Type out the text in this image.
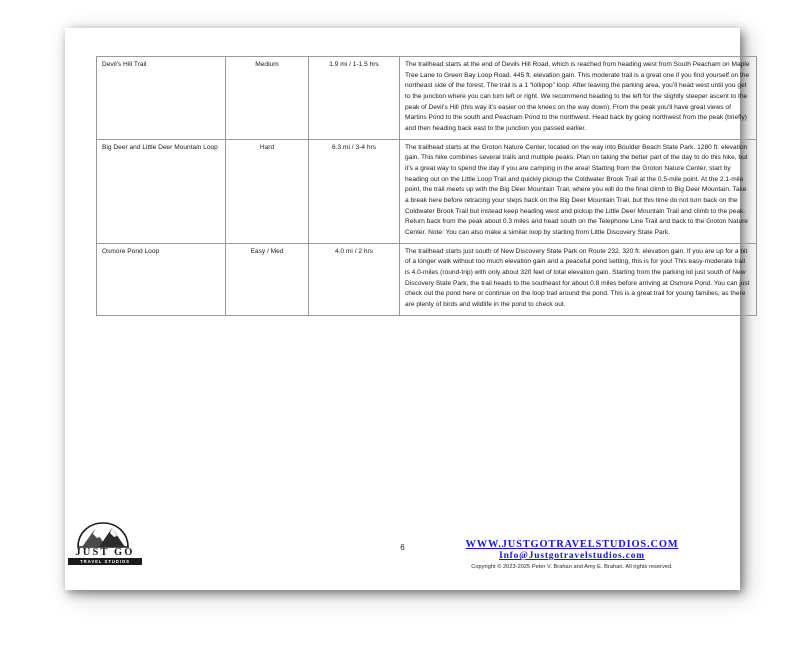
Devil's Hill Trail	Medium	1.9 mi / 1-1.5 hrs	The trailhead starts at the end of Devils Hill Road, which is reached from heading west from South Peacham on Maple Tree Lane to Green Bay Loop Road. 445 ft. elevation gain. This moderate trail is a great one if you find yourself on the northeast side of the forest. The trail is a 1 “lollipop” loop. After leaving the parking area, you’ll head west until you get to the junction where you can turn left or right. We recommend heading to the left for the slightly steeper ascent to the peak of Devil’s Hill (this way it’s easier on the knees on the way down). From the peak you’ll have great views of Martins Pond to the south and Peacham Pond to the northwest. Head back by going northwest from the peak (briefly) and then heading back east to the junction you passed earlier.
Big Deer and Little Deer Mountain Loop	Hard	6.3 mi / 3-4 hrs	The trailhead starts at the Groton Nature Center, located on the way into Boulder Beach State Park. 1280 ft. elevation gain. This hike combines several trails and multiple peaks. Plan on taking the better part of the day to do this hike, but it’s a great way to spend the day if you are camping in the area! Starting from the Groton Nature Center, start by heading out on the Little Loop Trail and quickly pickup the Coldwater Brook Trail at the 0.5-mile point. At the 2.1-mile point, the trail meets up with the Big Deer Mountain Trail, where you will do the final climb to Big Deer Mountain. Take a break here before retracing your steps back on the Big Deer Mountain Trail, but this time do not turn back on the Coldwater Brook Trail but instead keep heading west and pickup the Little Deer Mountain Trail and climb to the peak. Return back from the peak about 0.3 miles and head south on the Telephone Line Trail and back to the Groton Nature Center. Note: You can also make a similar loop by starting from Little Discovery State Park.
Osmore Pond Loop	Easy / Med	4.0 mi / 2 hrs	The trailhead starts just south of New Discovery State Park on Route 232. 320 ft. elevation gain. If you are up for a bit of a longer walk without too much elevation gain and a peaceful pond setting, this is for you! This easy-moderate trail is 4.0-miles (round-trip) with only about 320 feet of total elevation gain. Starting from the parking lot just south of New Discovery State Park, the trail heads to the southeast for about 0.8 miles before arriving at Osmore Pond. You can just check out the pond here or continue on the loop trail around the pond. This is a great trail for young families, as there are plenty of birds and wildlife in the pond to check out.
JUST GO
TRAVEL STUDIOS
6	WWW.JUSTGOTRAVELSTUDIOS.COM
Info@Justgotravelstudios.com
Copyright © 2023-2025 Peter V. Brahan and Amy E. Brahan. All rights reserved.
